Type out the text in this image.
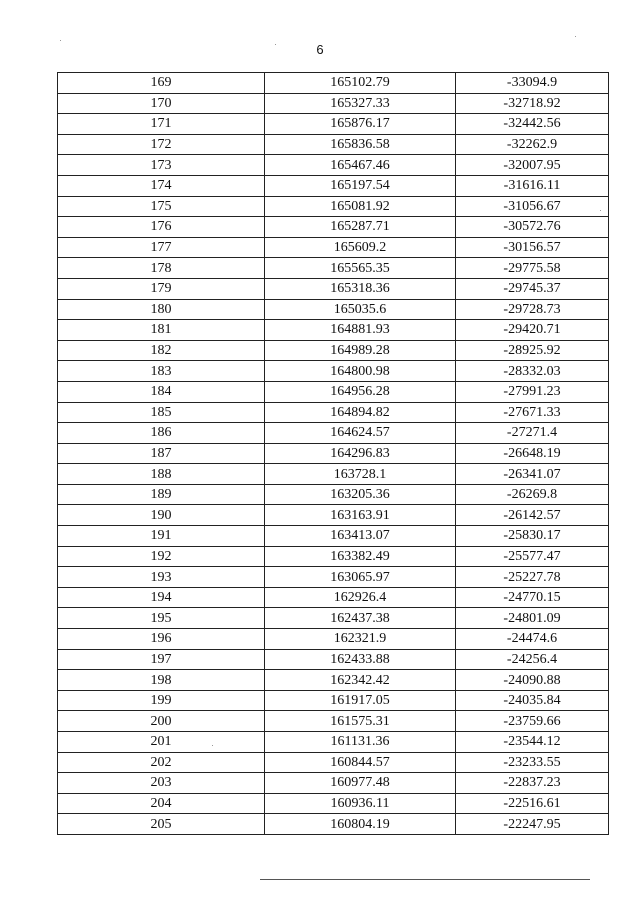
6
169	165102.79	-33094.9
170	165327.33	-32718.92
171	165876.17	-32442.56
172	165836.58	-32262.9
173	165467.46	-32007.95
174	165197.54	-31616.11
175	165081.92	-31056.67
176	165287.71	-30572.76
177	165609.2	-30156.57
178	165565.35	-29775.58
179	165318.36	-29745.37
180	165035.6	-29728.73
181	164881.93	-29420.71
182	164989.28	-28925.92
183	164800.98	-28332.03
184	164956.28	-27991.23
185	164894.82	-27671.33
186	164624.57	-27271.4
187	164296.83	-26648.19
188	163728.1	-26341.07
189	163205.36	-26269.8
190	163163.91	-26142.57
191	163413.07	-25830.17
192	163382.49	-25577.47
193	163065.97	-25227.78
194	162926.4	-24770.15
195	162437.38	-24801.09
196	162321.9	-24474.6
197	162433.88	-24256.4
198	162342.42	-24090.88
199	161917.05	-24035.84
200	161575.31	-23759.66
201	161131.36	-23544.12
202	160844.57	-23233.55
203	160977.48	-22837.23
204	160936.11	-22516.61
205	160804.19	-22247.95
